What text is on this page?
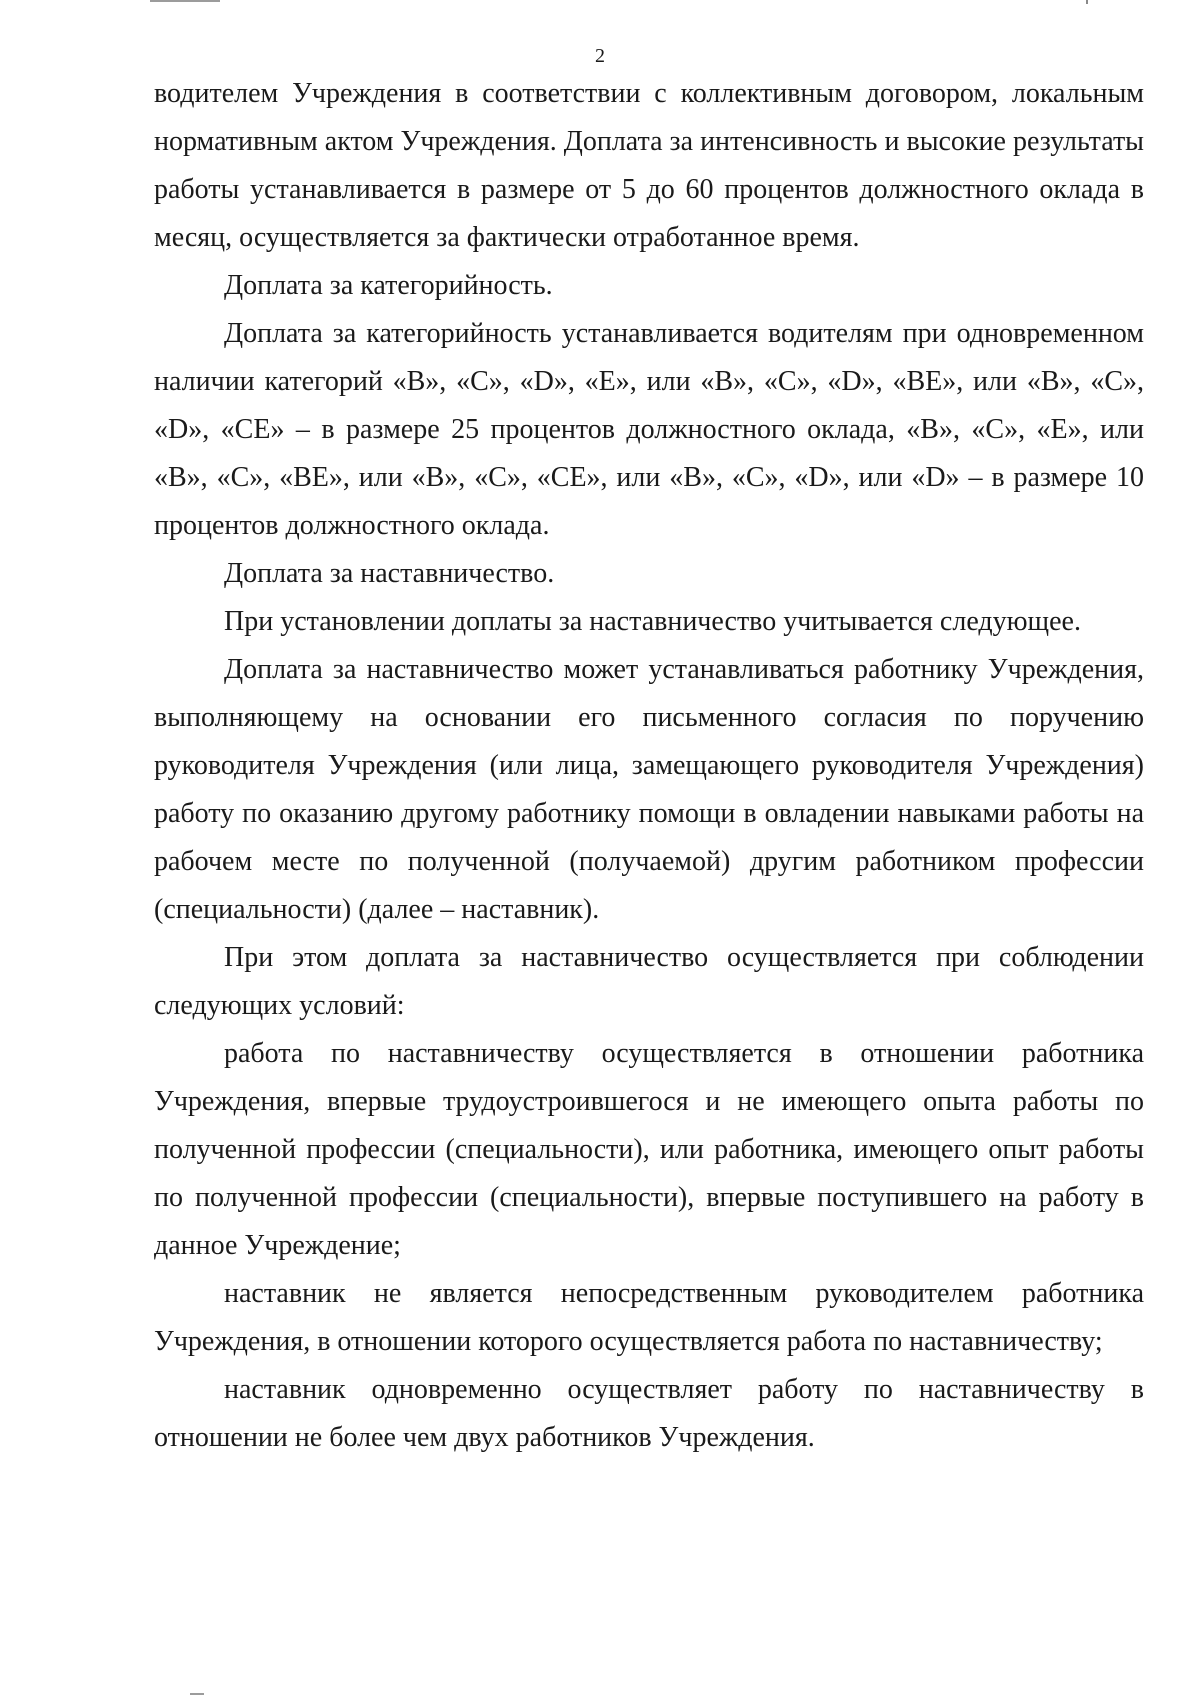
2

водителем Учреждения в соответствии с коллективным договором, локальным нормативным актом Учреждения. Доплата за интенсивность и высокие результаты работы устанавливается в размере от 5 до 60 процентов должностного оклада в месяц, осуществляется за фактически отработанное время.

Доплата за категорийность.

Доплата за категорийность устанавливается водителям при одновременном наличии категорий «B», «C», «D», «E», или «B», «C», «D», «BE», или «B», «C», «D», «CE» – в размере 25 процентов должностного оклада, «B», «C», «E», или «B», «C», «BE», или «B», «C», «CE», или «B», «C», «D», или «D» – в размере 10 процентов должностного оклада.

Доплата за наставничество.

При установлении доплаты за наставничество учитывается следующее.

Доплата за наставничество может устанавливаться работнику Учреждения, выполняющему на основании его письменного согласия по поручению руководителя Учреждения (или лица, замещающего руководителя Учреждения) работу по оказанию другому работнику помощи в овладении навыками работы на рабочем месте по полученной (получаемой) другим работником профессии (специальности) (далее – наставник).

При этом доплата за наставничество осуществляется при соблюдении следующих условий:

работа по наставничеству осуществляется в отношении работника Учреждения, впервые трудоустроившегося и не имеющего опыта работы по полученной профессии (специальности), или работника, имеющего опыт работы по полученной профессии (специальности), впервые поступившего на работу в данное Учреждение;

наставник не является непосредственным руководителем работника Учреждения, в отношении которого осуществляется работа по наставничеству;

наставник одновременно осуществляет работу по наставничеству в отношении не более чем двух работников Учреждения.
